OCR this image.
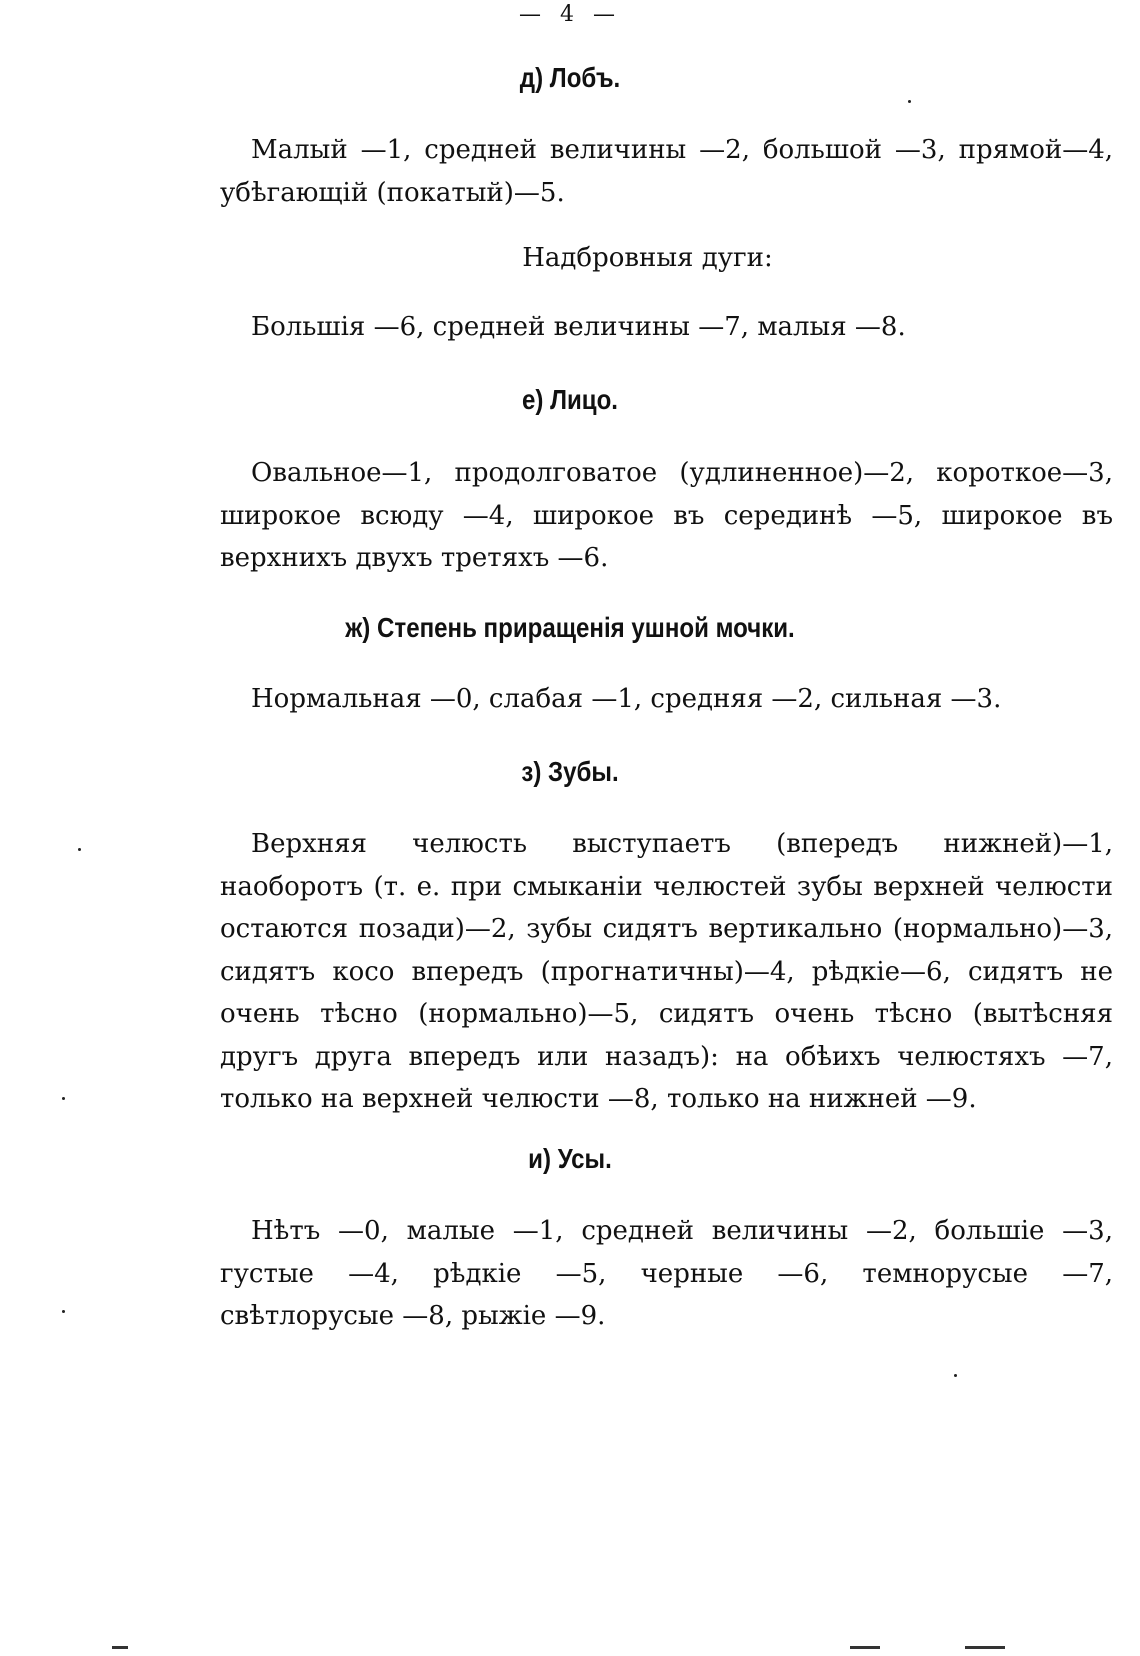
— 4 —
д) Лобъ.

Малый —1, средней величины —2, большой —3, прямой—4, убѣгающій (покатый)—5.

Надбровныя дуги:

Большія —6, средней величины —7, малыя —8.

е) Лицо.

Овальное—1, продолговатое (удлиненное)—2, короткое—3, широкое всюду —4, широкое въ серединѣ —5, широкое въ верхнихъ двухъ третяхъ —6.

ж) Степень приращенія ушной мочки.

Нормальная —0, слабая —1, средняя —2, сильная —3.

з) Зубы.

Верхняя челюсть выступаетъ (впередъ нижней)—1, наоборотъ (т. е. при смыканіи челюстей зубы верхней челюсти остаются позади)—2, зубы сидятъ вертикально (нормально)—3, сидятъ косо впередъ (прогнатичны)—4, рѣдкіе—6, сидятъ не очень тѣсно (нормально)—5, сидятъ очень тѣсно (вытѣсняя другъ друга впередъ или назадъ): на обѣихъ челюстяхъ —7, только на верхней челюсти —8, только на нижней —9.

и) Усы.

Нѣтъ —0, малые —1, средней величины —2, большіе —3, густые —4, рѣдкіе —5, черные —6, темнорусые —7, свѣтлорусые —8, рыжіе —9.
